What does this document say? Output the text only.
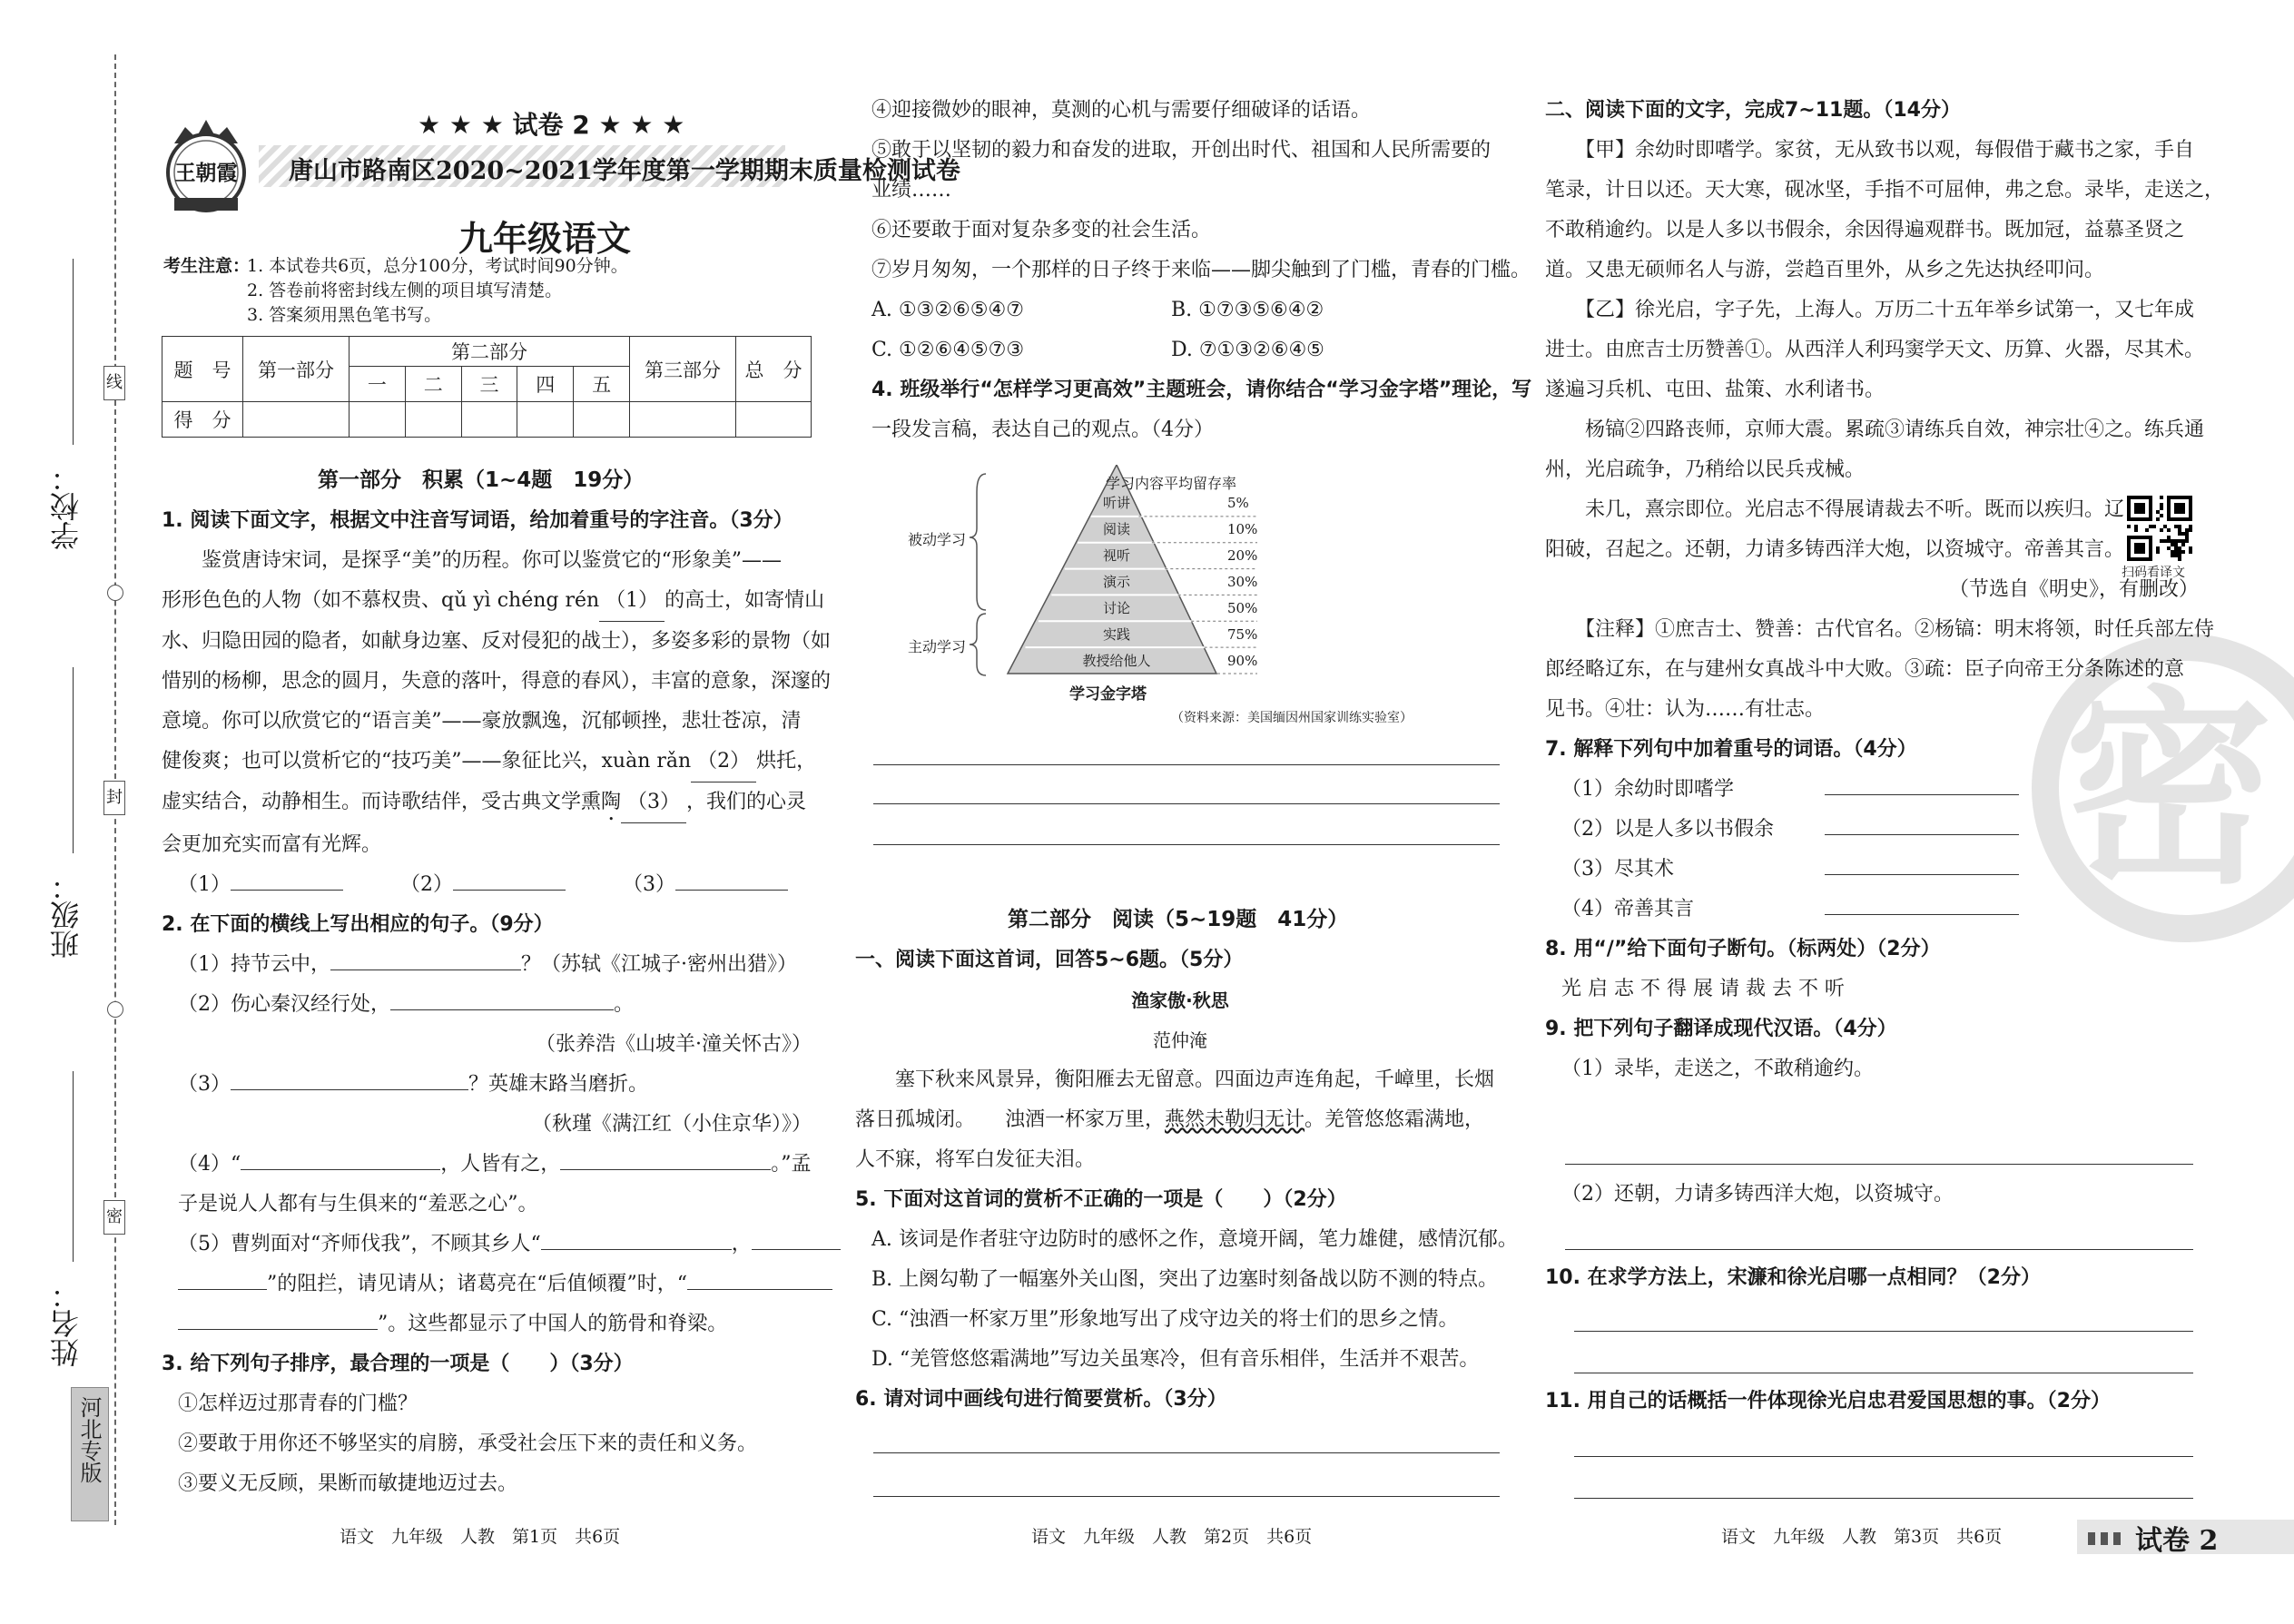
线
封
密
学校：
班级：
姓名：
河北专版
王朝霞
★ ★ ★ 试卷 2 ★ ★ ★
唐山市路南区2020~2021学年度第一学期期末质量检测试卷
九年级语文
考生注意：
1. 本试卷共6页，总分100分，考试时间90分钟。
2. 答卷前将密封线左侧的项目填写清楚。
3. 答案须用黑色笔书写。
题　号	第一部分	第二部分					第三部分	总　分
		一	二	三	四	五		
得　分								
第一部分　积累（1~4题　19分）
1. 阅读下面文字，根据文中注音写词语，给加着重号的字注音。（3分）
　　鉴赏唐诗宋词，是探孚“美”的历程。你可以鉴赏它的“形象美”——
形形色色的人物（如不慕权贵、qǔ yì chéng rén （1） 的高士，如寄情山
水、归隐田园的隐者，如献身边塞、反对侵犯的战士），多姿多彩的景物（如
惜别的杨柳，思念的圆月，失意的落叶，得意的春风），丰富的意象，深邃的
意境。你可以欣赏它的“语言美”——豪放飘逸，沉郁顿挫，悲壮苍凉，清
健俊爽；也可以赏析它的“技巧美”——象征比兴，xuàn rǎn （2） 烘托，
虚实结合，动静相生。而诗歌结伴，受古典文学熏陶 （3） ，我们的心灵
会更加充实而富有光辉。
（1）	（2）	（3）
2. 在下面的横线上写出相应的句子。（9分）
（1）持节云中，	？（苏轼《江城子·密州出猎》）
（2）伤心秦汉经行处，	。
（张养浩《山坡羊·潼关怀古》）
（3）	？英雄末路当磨折。
（秋瑾《满江红（小住京华）》）
（4）“	，人皆有之，	。”孟
子是说人人都有与生俱来的“羞恶之心”。
（5）曹刿面对“齐师伐我”，不顾其乡人“	，
”的阻拦，请见请从；诸葛亮在“后值倾覆”时，“
”。这些都显示了中国人的筋骨和脊梁。
3. 给下列句子排序，最合理的一项是（　　）（3分）
①怎样迈过那青春的门槛？
②要敢于用你还不够坚实的肩膀，承受社会压下来的责任和义务。
③要义无反顾，果断而敏捷地迈过去。
语文　九年级　人教　第1页　共6页
④迎接微妙的眼神，莫测的心机与需要仔细破译的话语。
⑤敢于以坚韧的毅力和奋发的进取，开创出时代、祖国和人民所需要的
业绩……
⑥还要敢于面对复杂多变的社会生活。
⑦岁月匆匆，一个那样的日子终于来临——脚尖触到了门槛，青春的门槛。
A. ①③②⑥⑤④⑦	B. ①⑦③⑤⑥④②
C. ①②⑥④⑤⑦③	D. ⑦①③②⑥④⑤
4. 班级举行“怎样学习更高效”主题班会，请你结合“学习金字塔”理论，写
一段发言稿，表达自己的观点。（4分）
学习内容平均留存率
被动学习
主动学习
听讲	5%
阅读	10%
视听	20%
演示	30%
讨论	50%
实践	75%
教授给他人	90%
学习金字塔
（资料来源：美国缅因州国家训练实验室）
第二部分　阅读（5~19题　41分）
一、阅读下面这首词，回答5~6题。（5分）
渔家傲·秋思
范仲淹
　　塞下秋来风景异，衡阳雁去无留意。四面边声连角起，千嶂里，长烟
落日孤城闭。　　浊酒一杯家万里，燕然未勒归无计。羌管悠悠霜满地，
人不寐，将军白发征夫泪。
5. 下面对这首词的赏析不正确的一项是（　　）（2分）
A. 该词是作者驻守边防时的感怀之作，意境开阔，笔力雄健，感情沉郁。
B. 上阕勾勒了一幅塞外关山图，突出了边塞时刻备战以防不测的特点。
C. “浊酒一杯家万里”形象地写出了戍守边关的将士们的思乡之情。
D. “羌管悠悠霜满地”写边关虽寒冷，但有音乐相伴，生活并不艰苦。
6. 请对词中画线句进行简要赏析。（3分）
语文　九年级　人教　第2页　共6页
密
二、阅读下面的文字，完成7~11题。（14分）
　　【甲】余幼时即嗜学。家贫，无从致书以观，每假借于藏书之家，手自
笔录，计日以还。天大寒，砚冰坚，手指不可屈伸，弗之怠。录毕，走送之，
不敢稍逾约。以是人多以书假余，余因得遍观群书。既加冠，益慕圣贤之
道。又患无硕师名人与游，尝趋百里外，从乡之先达执经叩问。
　　【乙】徐光启，字子先，上海人。万历二十五年举乡试第一，又七年成
进士。由庶吉士历赞善①。从西洋人利玛窦学天文、历算、火器，尽其术。
遂遍习兵机、屯田、盐策、水利诸书。
　　杨镐②四路丧师，京师大震。累疏③请练兵自效，神宗壮④之。练兵通
州，光启疏争，乃稍给以民兵戎械。
　　未几，熹宗即位。光启志不得展请裁去不听。既而以疾归。辽
阳破，召起之。还朝，力请多铸西洋大炮，以资城守。帝善其言。
（节选自《明史》，有删改）
　　【注释】①庶吉士、赞善：古代官名。②杨镐：明末将领，时任兵部左侍
郎经略辽东，在与建州女真战斗中大败。③疏：臣子向帝王分条陈述的意
见书。④壮：认为……有壮志。
7. 解释下列句中加着重号的词语。（4分）
（1）余幼时即嗜学
（2）以是人多以书假余
（3）尽其术
（4）帝善其言
8. 用“/”给下面句子断句。（标两处）（2分）
光 启 志 不 得 展 请 裁 去 不 听
9. 把下列句子翻译成现代汉语。（4分）
（1）录毕，走送之，不敢稍逾约。
扫码看译文
（2）还朝，力请多铸西洋大炮，以资城守。
10. 在求学方法上，宋濂和徐光启哪一点相同？（2分）
11. 用自己的话概括一件体现徐光启忠君爱国思想的事。（2分）
语文　九年级　人教　第3页　共6页	试卷 2
